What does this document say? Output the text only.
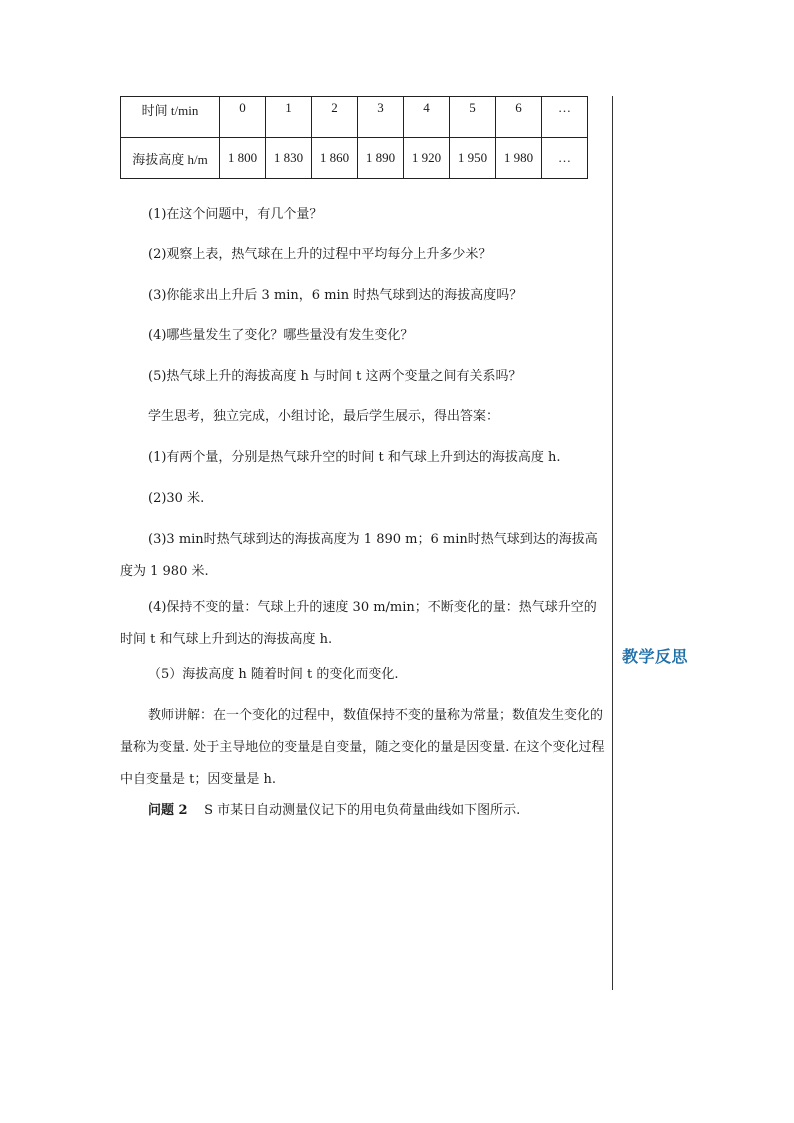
教学反思
时间 t/min	0	1	2	3	4	5	6	…
海拔高度 h/m	1 800	1 830	1 860	1 890	1 920	1 950	1 980	…
(1)在这个问题中，有几个量？
(2)观察上表，热气球在上升的过程中平均每分上升多少米？
(3)你能求出上升后 3 min，6 min 时热气球到达的海拔高度吗？
(4)哪些量发生了变化？哪些量没有发生变化？
(5)热气球上升的海拔高度 h 与时间 t 这两个变量之间有关系吗？
学生思考，独立完成，小组讨论，最后学生展示，得出答案：
(1)有两个量，分别是热气球升空的时间 t 和气球上升到达的海拔高度 h.
(2)30 米.
(3)3 min时热气球到达的海拔高度为 1 890 m；6 min时热气球到达的海拔高度为 1 980 米.
(4)保持不变的量：气球上升的速度 30 m/min；不断变化的量：热气球升空的时间 t 和气球上升到达的海拔高度 h.
（5）海拔高度 h 随着时间 t 的变化而变化.
教师讲解：在一个变化的过程中，数值保持不变的量称为常量；数值发生变化的量称为变量. 处于主导地位的变量是自变量，随之变化的量是因变量. 在这个变化过程中自变量是 t；因变量是 h.
问题 2 S 市某日自动测量仪记下的用电负荷量曲线如下图所示.
